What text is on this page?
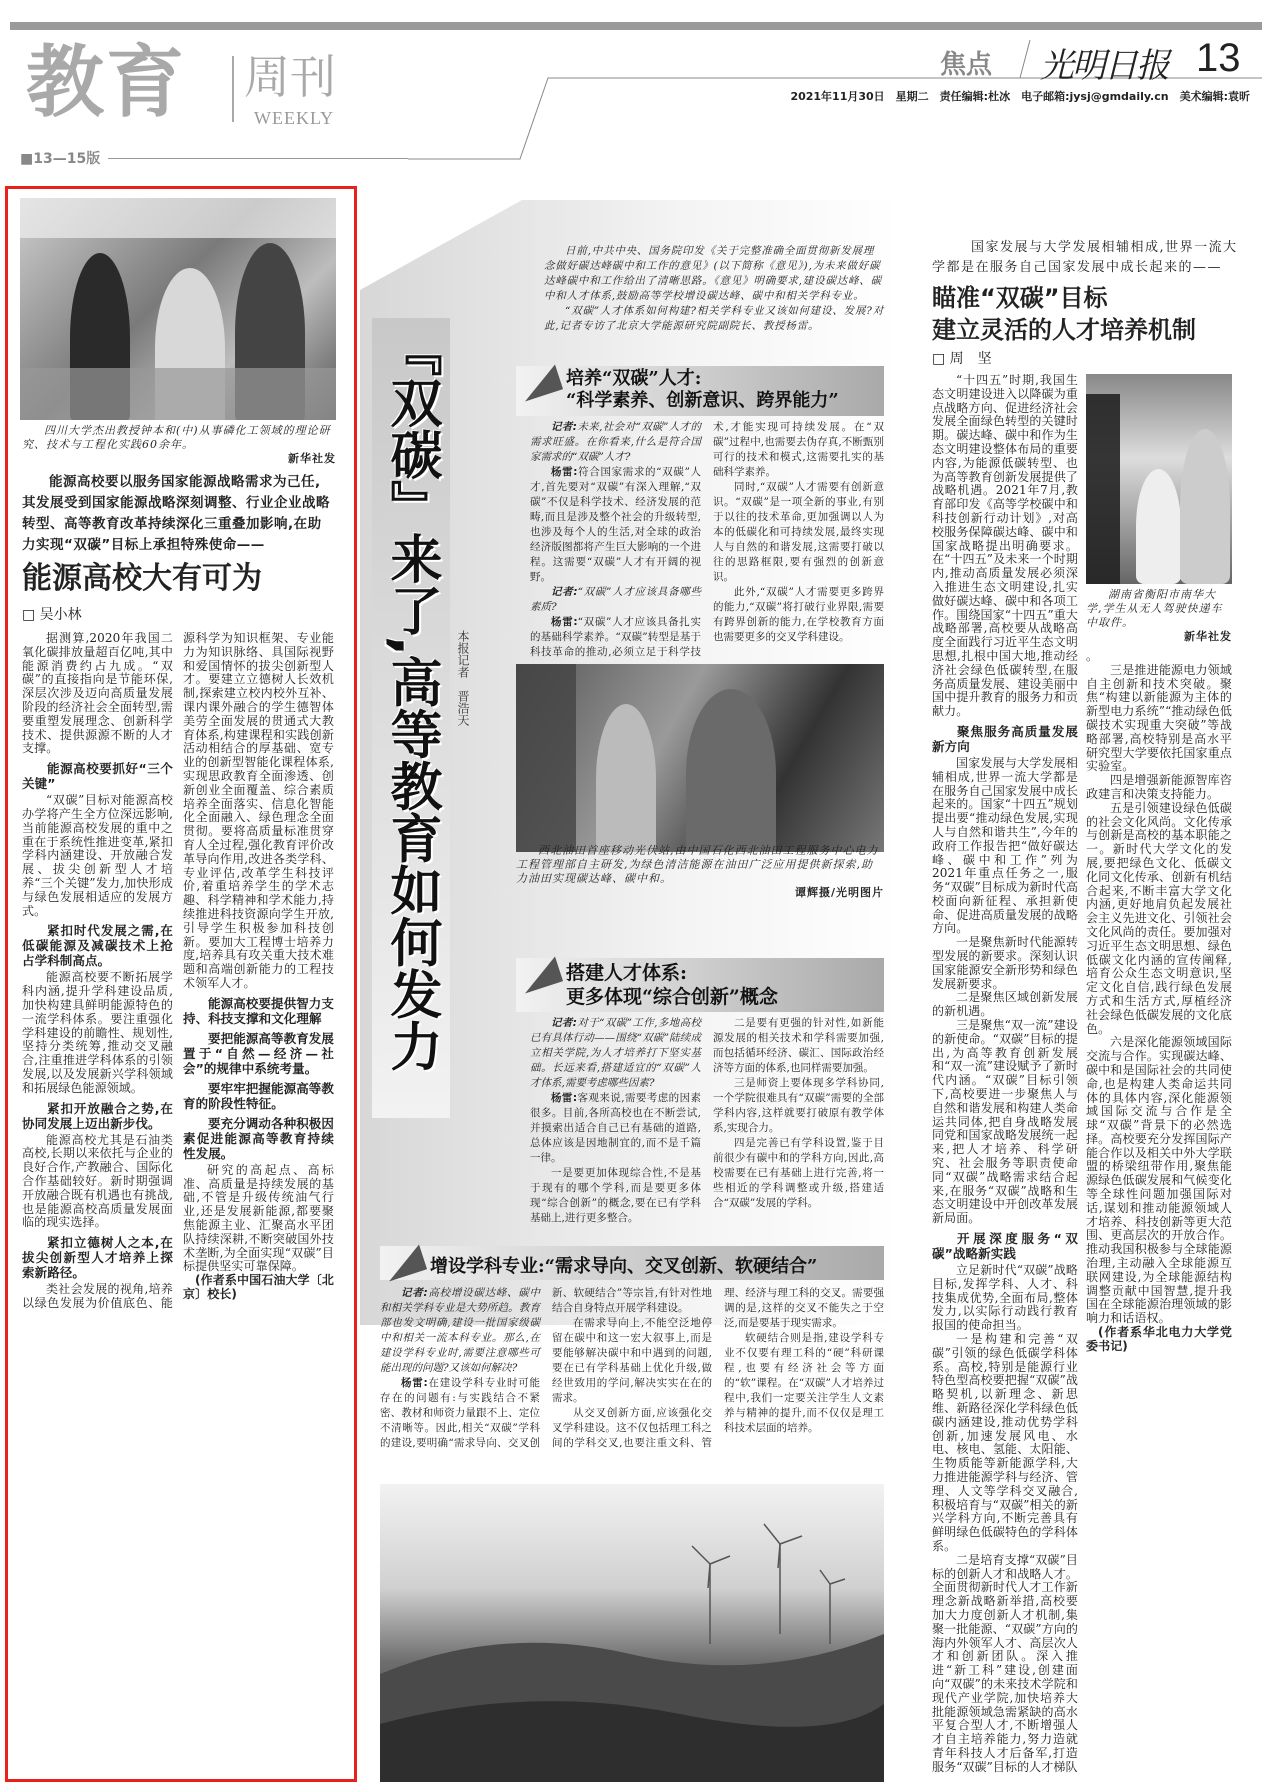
教育 周刊
WEEKLY
■13—15版
焦点 光明日报 13
2021年11月30日　星期二　责任编辑:杜冰　电子邮箱:jysj@gmdaily.cn　美术编辑:袁昕
四川大学杰出教授钟本和(中)从事磷化工领域的理论研究、技术与工程化实践60余年。
新华社发
能源高校要以服务国家能源战略需求为己任,其发展受到国家能源战略深刻调整、行业企业战略转型、高等教育改革持续深化三重叠加影响,在助力实现“双碳”目标上承担特殊使命——
能源高校大有可为
□ 吴小林

据测算,2020年我国二氧化碳排放量超百亿吨,其中能源消费约占九成。“双碳”的直接指向是节能环保,深层次涉及迈向高质量发展阶段的经济社会全面转型,需要重塑发展理念、创新科学技术、提供源源不断的人才支撑。

能源高校要抓好“三个关键”

“双碳”目标对能源高校办学将产生全方位深远影响,当前能源高校发展的重中之重在于系统性推进变革,紧扣学科内涵建设、开放融合发展、拔尖创新型人才培养“三个关键”发力,加快形成与绿色发展相适应的发展方式。

紧扣时代发展之需,在低碳能源及减碳技术上抢占学科制高点。

能源高校要不断拓展学科内涵,提升学科建设品质,加快构建具鲜明能源特色的一流学科体系。要注重强化学科建设的前瞻性、规划性,坚持分类统筹,推动交叉融合,注重推进学科体系的引领发展,以及发展新兴学科领域和拓展绿色能源领域。

紧扣开放融合之势,在协同发展上迈出新步伐。

能源高校尤其是石油类高校,长期以来依托与企业的良好合作,产教融合、国际化合作基础较好。新时期强调开放融合既有机遇也有挑战,也是能源高校高质量发展面临的现实选择。

紧扣立德树人之本,在拔尖创新型人才培养上探索新路径。

类社会发展的视角,培养以绿色发展为价值底色、能源科学为知识框架、专业能力为知识脉络、具国际视野和爱国情怀的拔尖创新型人才。要建立立德树人长效机制,探索建立校内校外互补、课内课外融合的学生德智体美劳全面发展的贯通式大教育体系,构建课程和实践创新活动相结合的厚基础、宽专业的创新型智能化课程体系,实现思政教育全面渗透、创新创业全面覆盖、综合素质培养全面落实、信息化智能化全面融入、绿色理念全面贯彻。要将高质量标准贯穿育人全过程,强化教育评价改革导向作用,改进各类学科、专业评估,改革学生科技评价,着重培养学生的学术志趣、科学精神和学术能力,持续推进科技资源向学生开放,引导学生积极参加科技创新。要加大工程博士培养力度,培养具有攻关重大技术难题和高端创新能力的工程技术领军人才。

能源高校要提供智力支持、科技支撑和文化理解
要把能源高等教育发展置于“自然—经济—社会”的规律中系统考量。
要牢牢把握能源高等教育的阶段性特征。
要充分调动各种积极因素促进能源高等教育持续性发展。

研究的高起点、高标准、高质量是持续发展的基础,不管是升级传统油气行业,还是发展新能源,都要聚焦能源主业、汇聚高水平团队持续深耕,不断突破国外技术垄断,为全面实现“双碳”目标提供坚实可靠保障。

(作者系中国石油大学〔北京〕校长)

『双碳』来了,高等教育如何发力 本报记者　晋浩天

日前,中共中央、国务院印发《关于完整准确全面贯彻新发展理念做好碳达峰碳中和工作的意见》(以下简称《意见》),为未来做好碳达峰碳中和工作给出了清晰思路。《意见》明确要求,建设碳达峰、碳中和人才体系,鼓励高等学校增设碳达峰、碳中和相关学科专业。

“双碳”人才体系如何构建?相关学科专业又该如何建设、发展?对此,记者专访了北京大学能源研究院副院长、教授杨雷。

培养“双碳”人才:
“科学素养、创新意识、跨界能力”

记者:未来,社会对“双碳”人才的需求旺盛。在你看来,什么是符合国家需求的“双碳”人才?

杨雷:符合国家需求的“双碳”人才,首先要对“双碳”有深入理解,“双碳”不仅是科学技术、经济发展的范畴,而且是涉及整个社会的升级转型,也涉及每个人的生活,对全球的政治经济版图都将产生巨大影响的一个进程。这需要“双碳”人才有开阔的视野。

记者:“双碳”人才应该具备哪些素质?

杨雷:“双碳”人才应该具备扎实的基础科学素养。“双碳”转型是基于科技革命的推动,必须立足于科学技术,才能实现可持续发展。在“双碳”过程中,也需要去伪存真,不断甄别可行的技术和模式,这需要扎实的基础科学素养。

同时,“双碳”人才需要有创新意识。“双碳”是一项全新的事业,有别于以往的技术革命,更加强调以人为本的低碳化和可持续发展,最终实现人与自然的和谐发展,这需要打破以往的思路框限,要有强烈的创新意识。

此外,“双碳”人才需要更多跨界的能力,“双碳”将打破行业界限,需要有跨界创新的能力,在学校教育方面也需要更多的交叉学科建设。

西北油田首座移动光伏站,由中国石化西北油田工程服务中心电力工程管理部自主研发,为绿色清洁能源在油田广泛应用提供新探索,助力油田实现碳达峰、碳中和。
谭辉摄/光明图片
搭建人才体系:
更多体现“综合创新”概念

记者:对于“双碳”工作,多地高校已有具体行动——围绕“双碳”陆续成立相关学院,为人才培养打下坚实基础。长远来看,搭建适宜的“双碳”人才体系,需要考虑哪些因素?

杨雷:客观来说,需要考虑的因素很多。目前,各所高校也在不断尝试,并摸索出适合自己已有基础的道路,总体应该是因地制宜的,而不是千篇一律。

一是要更加体现综合性,不是基于现有的哪个学科,而是要更多体现“综合创新”的概念,要在已有学科基础上,进行更多整合。

二是要有更强的针对性,如新能源发展的相关技术和学科需要加强,而包括循环经济、碳汇、国际政治经济等方面的体系,也同样需要加强。

三是师资上要体现多学科协同,一个学院很难具有“双碳”需要的全部学科内容,这样就要打破原有教学体系,实现合力。

四是完善已有学科设置,鉴于目前很少有碳中和的学科方向,因此,高校需要在已有基础上进行完善,将一些相近的学科调整或升级,搭建适合“双碳”发展的学科。

增设学科专业:“需求导向、交叉创新、软硬结合”

记者:高校增设碳达峰、碳中和相关学科专业是大势所趋。教育部也发文明确,建设一批国家级碳中和相关一流本科专业。那么,在建设学科专业时,需要注意哪些可能出现的问题?又该如何解决?

杨雷:在建设学科专业时可能存在的问题有:与实践结合不紧密、教材和师资力量跟不上、定位不清晰等。因此,相关“双碳”学科的建设,要明确“需求导向、交叉创新、软硬结合”等宗旨,有针对性地结合自身特点开展学科建设。

在需求导向上,不能空泛地停留在碳中和这一宏大叙事上,而是要能够解决碳中和中遇到的问题,要在已有学科基础上优化升级,做经世致用的学问,解决实实在在的需求。

从交叉创新方面,应该强化交叉学科建设。这不仅包括理工科之间的学科交叉,也要注重文科、管理、经济与理工科的交叉。需要强调的是,这样的交叉不能失之于空泛,而是要基于现实需求。

软硬结合则是指,建设学科专业不仅要有理工科的“硬”科研课程,也要有经济社会等方面的“软”课程。在“双碳”人才培养过程中,我们一定要关注学生人文素养与精神的提升,而不仅仅是理工科技术层面的培养。

国家发展与大学发展相辅相成,世界一流大学都是在服务自己国家发展中成长起来的——
瞄准“双碳”目标
建立灵活的人才培养机制
□ 周　坚
湖南省衡阳市南华大学,学生从无人驾驶快递车中取件。
新华社发

“十四五”时期,我国生态文明建设进入以降碳为重点战略方向、促进经济社会发展全面绿色转型的关键时期。碳达峰、碳中和作为生态文明建设整体布局的重要内容,为能源低碳转型、也为高等教育创新发展提供了战略机遇。2021年7月,教育部印发《高等学校碳中和科技创新行动计划》,对高校服务保障碳达峰、碳中和国家战略提出明确要求。在“十四五”及未来一个时期内,推动高质量发展必须深入推进生态文明建设,扎实做好碳达峰、碳中和各项工作。围绕国家“十四五”重大战略部署,高校要从战略高度全面践行习近平生态文明思想,扎根中国大地,推动经济社会绿色低碳转型,在服务高质量发展、建设美丽中国中提升教育的服务力和贡献力。

聚焦服务高质量发展新方向

国家发展与大学发展相辅相成,世界一流大学都是在服务自己国家发展中成长起来的。国家“十四五”规划提出要“推动绿色发展,实现人与自然和谐共生”,今年的政府工作报告把“做好碳达峰、碳中和工作”列为2021年重点任务之一,服务“双碳”目标成为新时代高校面向新征程、承担新使命、促进高质量发展的战略方向。

一是聚焦新时代能源转型发展的新要求。深刻认识国家能源安全新形势和绿色发展新要求。

二是聚焦区域创新发展的新机遇。

三是聚焦“双一流”建设的新使命。“双碳”目标的提出,为高等教育创新发展和“双一流”建设赋予了新时代内涵。“双碳”目标引领下,高校要进一步聚焦人与自然和谐发展和构建人类命运共同体,把自身战略发展同党和国家战略发展统一起来,把人才培养、科学研究、社会服务等职责使命同“双碳”战略需求结合起来,在服务“双碳”战略和生态文明建设中开创改革发展新局面。

开展深度服务“双碳”战略新实践

立足新时代“双碳”战略目标,发挥学科、人才、科技集成优势,全面布局,整体发力,以实际行动践行教育报国的使命担当。

一是构建和完善“双碳”引领的绿色低碳学科体系。高校,特别是能源行业特色型高校要把握“双碳”战略契机,以新理念、新思维、新路径深化学科绿色低碳内涵建设,推动优势学科创新,加速发展风电、水电、核电、氢能、太阳能、生物质能等新能源学科,大力推进能源学科与经济、管理、人文等学科交叉融合,积极培育与“双碳”相关的新兴学科方向,不断完善具有鲜明绿色低碳特色的学科体系。

二是培育支撑“双碳”目标的创新人才和战略人才。全面贯彻新时代人才工作新理念新战略新举措,高校要加大力度创新人才机制,集聚一批能源、“双碳”方向的海内外领军人才、高层次人才和创新团队。深入推进“新工科”建设,创建面向“双碳”的未来技术学院和现代产业学院,加快培养大批能源领域急需紧缺的高水平复合型人才,不断增强人才自主培养能力,努力造就青年科技人才后备军,打造服务“双碳”目标的人才梯队

。

三是推进能源电力领域自主创新和技术突破。聚焦“构建以新能源为主体的新型电力系统”“推动绿色低碳技术实现重大突破”等战略部署,高校特别是高水平研究型大学要依托国家重点实验室。

四是增强新能源智库咨政建言和决策支持能力。

五是引领建设绿色低碳的社会文化风尚。文化传承与创新是高校的基本职能之一。新时代大学文化的发展,要把绿色文化、低碳文化同文化传承、创新有机结合起来,不断丰富大学文化内涵,更好地肩负起发展社会主义先进文化、引领社会文化风尚的责任。要加强对习近平生态文明思想、绿色低碳文化内涵的宣传阐释,培育公众生态文明意识,坚定文化自信,践行绿色发展方式和生活方式,厚植经济社会绿色低碳发展的文化底色。

六是深化能源领域国际交流与合作。实现碳达峰、碳中和是国际社会的共同使命,也是构建人类命运共同体的具体内容,深化能源领域国际交流与合作是全球“双碳”背景下的必然选择。高校要充分发挥国际产能合作以及相关中外大学联盟的桥梁纽带作用,聚焦能源绿色低碳发展和气候变化等全球性问题加强国际对话,谋划和推动能源领域人才培养、科技创新等更大范围、更高层次的开放合作。推动我国积极参与全球能源治理,主动融入全球能源互联网建设,为全球能源结构调整贡献中国智慧,提升我国在全球能源治理领域的影响力和话语权。

(作者系华北电力大学党委书记)
